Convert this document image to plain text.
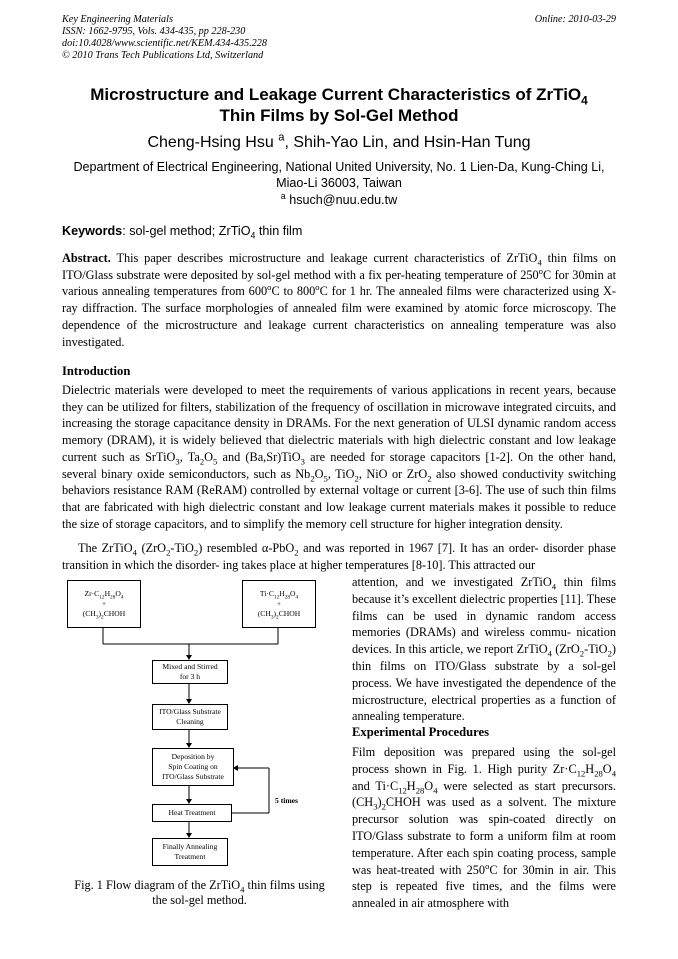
Key Engineering Materials
ISSN: 1662-9795, Vols. 434-435, pp 228-230
doi:10.4028/www.scientific.net/KEM.434-435.228
© 2010 Trans Tech Publications Ltd, Switzerland
Online: 2010-03-29
Microstructure and Leakage Current Characteristics of ZrTiO$_4$
Thin Films by Sol-Gel Method
Cheng-Hsing Hsu $^a$, Shih-Yao Lin, and Hsin-Han Tung
Department of Electrical Engineering, National United University, No. 1 Lien-Da, Kung-Ching Li,
Miao-Li 36003, Taiwan
$^a$ hsuch@nuu.edu.tw
Keywords: sol-gel method; ZrTiO$_4$ thin film
Abstract. This paper describes microstructure and leakage current characteristics of ZrTiO$_4$ thin films on ITO/Glass substrate were deposited by sol-gel method with a fix per-heating temperature of 250$^o$C for 30min at various annealing temperatures from 600$^o$C to 800$^o$C for 1 hr. The annealed films were characterized using X-ray diffraction. The surface morphologies of annealed film were examined by atomic force microscopy. The dependence of the microstructure and leakage current characteristics on annealing temperature was also investigated.
Introduction
Dielectric materials were developed to meet the requirements of various applications in recent years, because they can be utilized for filters, stabilization of the frequency of oscillation in microwave integrated circuits, and increasing the storage capacitance density in DRAMs. For the next generation of ULSI dynamic random access memory (DRAM), it is widely believed that dielectric materials with high dielectric constant and low leakage current such as SrTiO$_3$, $Ta_2O_5$ and (Ba,Sr)TiO$_3$ are needed for storage capacitors [1-2]. On the other hand, several binary oxide semiconductors, such as $Nb_2O_5$, TiO$_2$, NiO or ZrO$_2$ also showed conductivity switching behaviors resistance RAM (ReRAM) controlled by external voltage or current [3-6]. The use of such thin films that are fabricated with high dielectric constant and low leakage current materials makes it possible to reduce the size of storage capacitors, and to simplify the memory cell structure for higher integration density.
The ZrTiO$_4$ (ZrO$_2$-TiO$_2$) resembled α-PbO$_2$ and was reported in 1967 [7]. It has an order- disorder phase transition in which the disorder- ing takes place at higher temperatures [8-10]. This attracted our
attention, and we investigated ZrTiO$_4$ thin films because it’s excellent dielectric properties [11]. These films can be used in dynamic random access memories (DRAMs) and wireless commu- nication devices. In this article, we report ZrTiO$_4$ (ZrO$_2$-TiO$_2$) thin films on ITO/Glass substrate by a sol-gel process. We have investigated the dependence of the microstructure, electrical properties as a function of annealing temperature.
Experimental Procedures
Film deposition was prepared using the sol-gel process shown in Fig. 1. High purity $Zr\cdot C_{12}H_{28}O_4$ and $Ti\cdot C_{12}H_{28}O_4$ were selected as start precursors. $(CH_3)_2CHOH$ was used as a solvent. The mixture precursor solution was spin-coated directly on ITO/Glass substrate to form a uniform film at room temperature. After each spin coating process, sample was heat-treated with 250$^o$C for 30min in air. This step is repeated five times, and the films were annealed in air atmosphere with
$Zr\cdot C_{12}H_{28}O_4$
+
$(CH_3)_2CHOH$
$Ti\cdot C_{12}H_{28}O_4$
+
$(CH_3)_2CHOH$
Mixed and Stirred
for 3 h
ITO/Glass Substrate
Cleaning
Deposition by
Spin Coating on
ITO/Glass Substrate
Heat Treatment
Finally Annealing
Treatment
5 times
Fig. 1 Flow diagram of the ZrTiO$_4$ thin films using
the sol-gel method.
